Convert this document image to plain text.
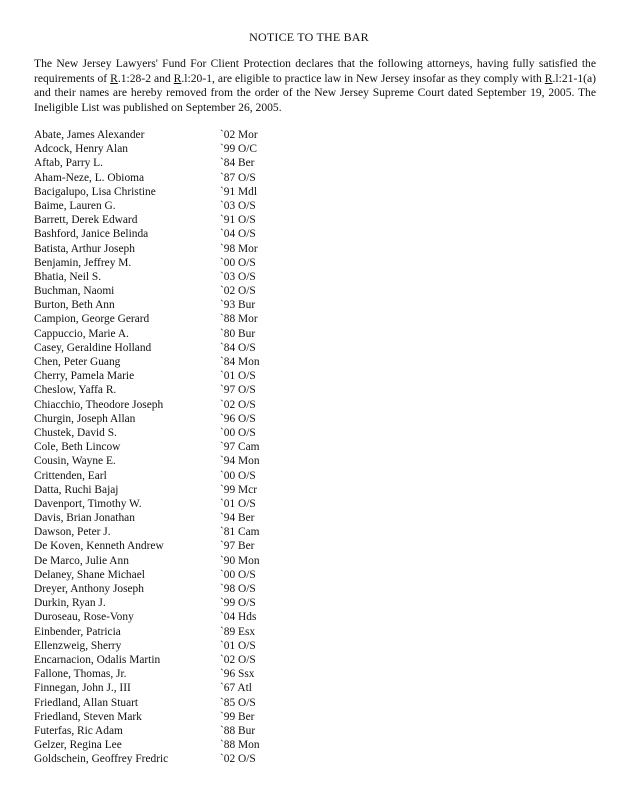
NOTICE TO THE BAR
The New Jersey Lawyers' Fund For Client Protection declares that the following attorneys, having fully satisfied the requirements of R.1:28-2 and R.l:20-1, are eligible to practice law in New Jersey insofar as they comply with R.l:21-1(a) and their names are hereby removed from the order of the New Jersey Supreme Court dated September 19, 2005. The Ineligible List was published on September 26, 2005.
Abate, James Alexander	`02 Mor
Adcock, Henry Alan	`99 O/C
Aftab, Parry L.	`84 Ber
Aham-Neze, L. Obioma	`87 O/S
Bacigalupo, Lisa Christine	`91 Mdl
Baime, Lauren G.	`03 O/S
Barrett, Derek Edward	`91 O/S
Bashford, Janice Belinda	`04 O/S
Batista, Arthur Joseph	`98 Mor
Benjamin, Jeffrey M.	`00 O/S
Bhatia, Neil S.	`03 O/S
Buchman, Naomi	`02 O/S
Burton, Beth Ann	`93 Bur
Campion, George Gerard	`88 Mor
Cappuccio, Marie A.	`80 Bur
Casey, Geraldine Holland	`84 O/S
Chen, Peter Guang	`84 Mon
Cherry, Pamela Marie	`01 O/S
Cheslow, Yaffa R.	`97 O/S
Chiacchio, Theodore Joseph	`02 O/S
Churgin, Joseph Allan	`96 O/S
Chustek, David S.	`00 O/S
Cole, Beth Lincow	`97 Cam
Cousin, Wayne E.	`94 Mon
Crittenden, Earl	`00 O/S
Datta, Ruchi Bajaj	`99 Mcr
Davenport, Timothy W.	`01 O/S
Davis, Brian Jonathan	`94 Ber
Dawson, Peter J.	`81 Cam
De Koven, Kenneth Andrew	`97 Ber
De Marco, Julie Ann	`90 Mon
Delaney, Shane Michael	`00 O/S
Dreyer, Anthony Joseph	`98 O/S
Durkin, Ryan J.	`99 O/S
Duroseau, Rose-Vony	`04 Hds
Einbender, Patricia	`89 Esx
Ellenzweig, Sherry	`01 O/S
Encarnacion, Odalis Martin	`02 O/S
Fallone, Thomas, Jr.	`96 Ssx
Finnegan, John J., III	`67 Atl
Friedland, Allan Stuart	`85 O/S
Friedland, Steven Mark	`99 Ber
Futerfas, Ric Adam	`88 Bur
Gelzer, Regina Lee	`88 Mon
Goldschein, Geoffrey Fredric	`02 O/S
